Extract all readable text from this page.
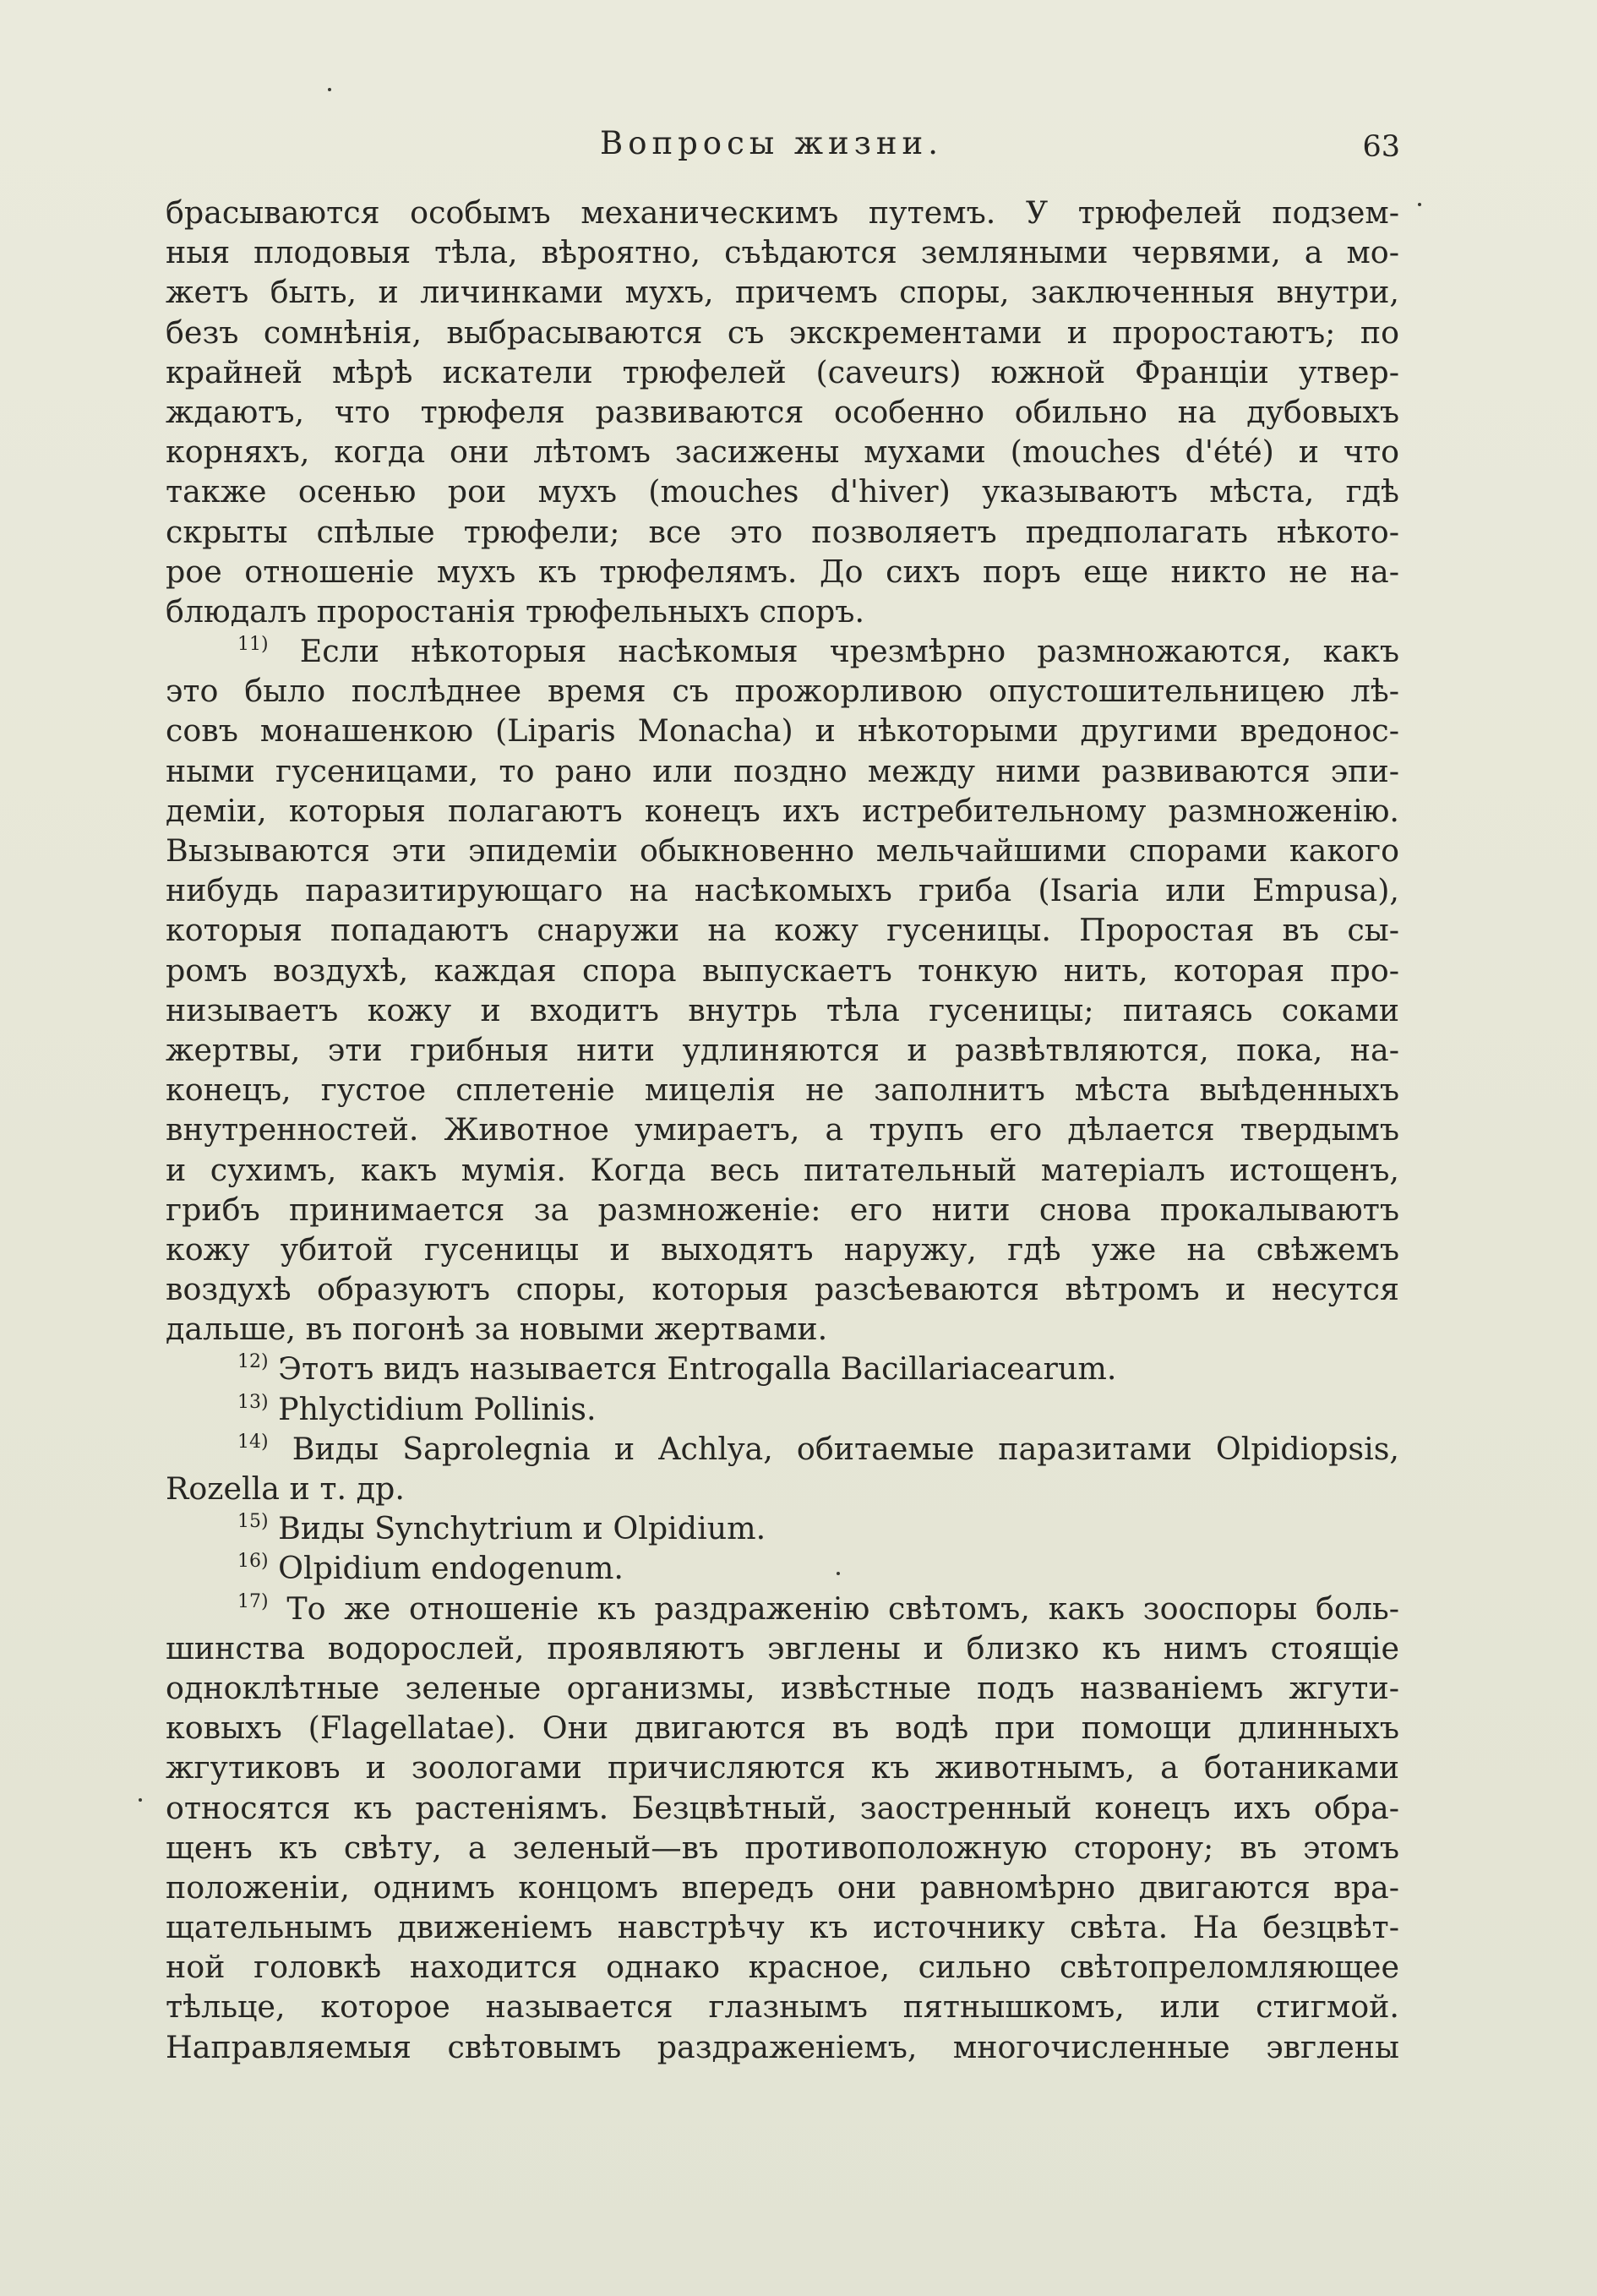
Вопросы жизни.	63
брасываются особымъ механическимъ путемъ. У трюфелей подзем-
ныя плодовыя тѣла, вѣроятно, съѣдаются земляными червями, а мо-
жетъ быть, и личинками мухъ, причемъ споры, заключенныя внутри,
безъ сомнѣнія, выбрасываются съ экскрементами и проростаютъ; по
крайней мѣрѣ искатели трюфелей (caveurs) южной Франціи утвер-
ждаютъ, что трюфеля развиваются особенно обильно на дубовыхъ
корняхъ, когда они лѣтомъ засижены мухами (mouches d'été) и что
также осенью рои мухъ (mouches d'hiver) указываютъ мѣста, гдѣ
скрыты спѣлые трюфели; все это позволяетъ предполагать нѣкото-
рое отношеніе мухъ къ трюфелямъ. До сихъ поръ еще никто не на-
блюдалъ проростанія трюфельныхъ споръ.
$^{11)}$ Если нѣкоторыя насѣкомыя чрезмѣрно размножаются, какъ
это было послѣднее время съ прожорливою опустошительницею лѣ-
совъ монашенкою (Liparis Monacha) и нѣкоторыми другими вредонос-
ными гусеницами, то рано или поздно между ними развиваются эпи-
деміи, которыя полагаютъ конецъ ихъ истребительному размноженію.
Вызываются эти эпидеміи обыкновенно мельчайшими спорами какого
нибудь паразитирующаго на насѣкомыхъ гриба (Isaria или Empusa),
которыя попадаютъ снаружи на кожу гусеницы. Проростая въ сы-
ромъ воздухѣ, каждая спора выпускаетъ тонкую нить, которая про-
низываетъ кожу и входитъ внутрь тѣла гусеницы; питаясь соками
жертвы, эти грибныя нити удлиняются и развѣтвляются, пока, на-
конецъ, густое сплетеніе мицелія не заполнитъ мѣста выѣденныхъ
внутренностей. Животное умираетъ, а трупъ его дѣлается твердымъ
и сухимъ, какъ мумія. Когда весь питательный матеріалъ истощенъ,
грибъ принимается за размноженіе: его нити снова прокалываютъ
кожу убитой гусеницы и выходятъ наружу, гдѣ уже на свѣжемъ
воздухѣ образуютъ споры, которыя разсѣеваются вѣтромъ и несутся
дальше, въ погонѣ за новыми жертвами.
$^{12)}$ Этотъ видъ называется Entrogalla Bacillariacearum.
$^{13)}$ Phlyctidium Pollinis.
$^{14)}$ Виды Saprolegnia и Achlya, обитаемые паразитами Olpidiopsis,
Rozella и т. др.
$^{15)}$ Виды Synchytrium и Olpidium.
$^{16)}$ Olpidium endogenum.
$^{17)}$ То же отношеніе къ раздраженію свѣтомъ, какъ зооспоры боль-
шинства водорослей, проявляютъ эвглены и близко къ нимъ стоящіе
одноклѣтные зеленые организмы, извѣстные подъ названіемъ жгути-
ковыхъ (Flagellatae). Они двигаются въ водѣ при помощи длинныхъ
жгутиковъ и зоологами причисляются къ животнымъ, а ботаниками
относятся къ растеніямъ. Безцвѣтный, заостренный конецъ ихъ обра-
щенъ къ свѣту, а зеленый—въ противоположную сторону; въ этомъ
положеніи, однимъ концомъ впередъ они равномѣрно двигаются вра-
щательнымъ движеніемъ навстрѣчу къ источнику свѣта. На безцвѣт-
ной головкѣ находится однако красное, сильно свѣтопреломляющее
тѣльце, которое называется глазнымъ пятнышкомъ, или стигмой.
Направляемыя свѣтовымъ раздраженіемъ, многочисленные эвглены
